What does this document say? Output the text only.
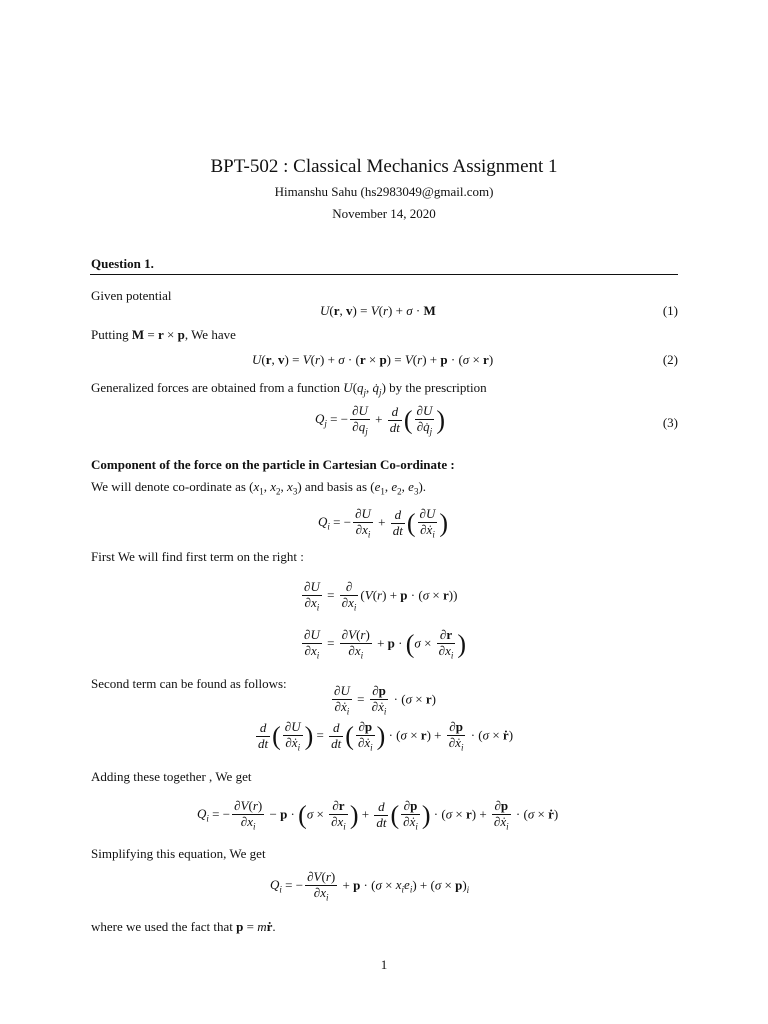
BPT-502 : Classical Mechanics Assignment 1
Himanshu Sahu (hs2983049@gmail.com)
November 14, 2020
Question 1.
Given potential
U(r, v) = V(r) + σ · M	(1)
Putting M = r × p, We have
U(r, v) = V(r) + σ · (r × p) = V(r) + p · (σ × r)	(2)
Generalized forces are obtained from a function $U(q_j$, $q̇_j$) by the prescription
$Q_j$ = − $\frac{\partial U}{\partial q_j} + \frac{d}{dt}$ ( $\frac{\partial U}{\partial q̇_j}$ )	(3)
Component of the force on the particle in Cartesian Co-ordinate :
We will denote co-ordinate as ($x_1$, $x_2$, $x_3$) and basis as ($e_1$, $e_2$, $e_3$).
$Q_i$ = − $\frac{\partial U}{\partial x_i} + \frac{d}{dt}$ ( $\frac{\partial U}{\partial ẋ_i}$ )
First We will find first term on the right :
$\frac{\partial U}{\partial x_i} = \frac{\partial}{\partial x_i} (V(r) + p \cdot (\sigma \times r))$
$\frac{\partial U}{\partial x_i} = \frac{\partial V(r)}{\partial x_i} + p \cdot (\sigma \times \frac{\partial r}{\partial x_i}$ )
Second term can be found as follows:
$\frac{\partial U}{\partial ẋ_i} = \frac{\partial p}{\partial ẋ_i} \cdot (\sigma \times r)$
$\frac{d}{dt}$ ( $\frac{\partial U}{\partial ẋ_i}$ ) = $\frac{d}{dt}$ ( $\frac{\partial p}{\partial ẋ_i}$ ) · $(\sigma \times r) + \frac{\partial p}{\partial ẋ_i} \cdot (\sigma$ × ṙ)
Adding these together , We get
$Q_i$ = − $\frac{\partial V(r)}{\partial x_i} - p \cdot (\sigma \times \frac{\partial r}{\partial x_i}$ ) + $\frac{d}{dt}$ ( $\frac{\partial p}{\partial ẋ_i}$ ) · $(\sigma \times r) + \frac{\partial p}{\partial ẋ_i} \cdot (\sigma$ × ṙ)
Simplifying this equation, We get
$Q_i$ = − $\frac{\partial V(r)}{\partial x_i} + p \cdot (\sigma \times x_ie_i) + (\sigma \times p)_i$
where we used the fact that p = mṙ.
1
